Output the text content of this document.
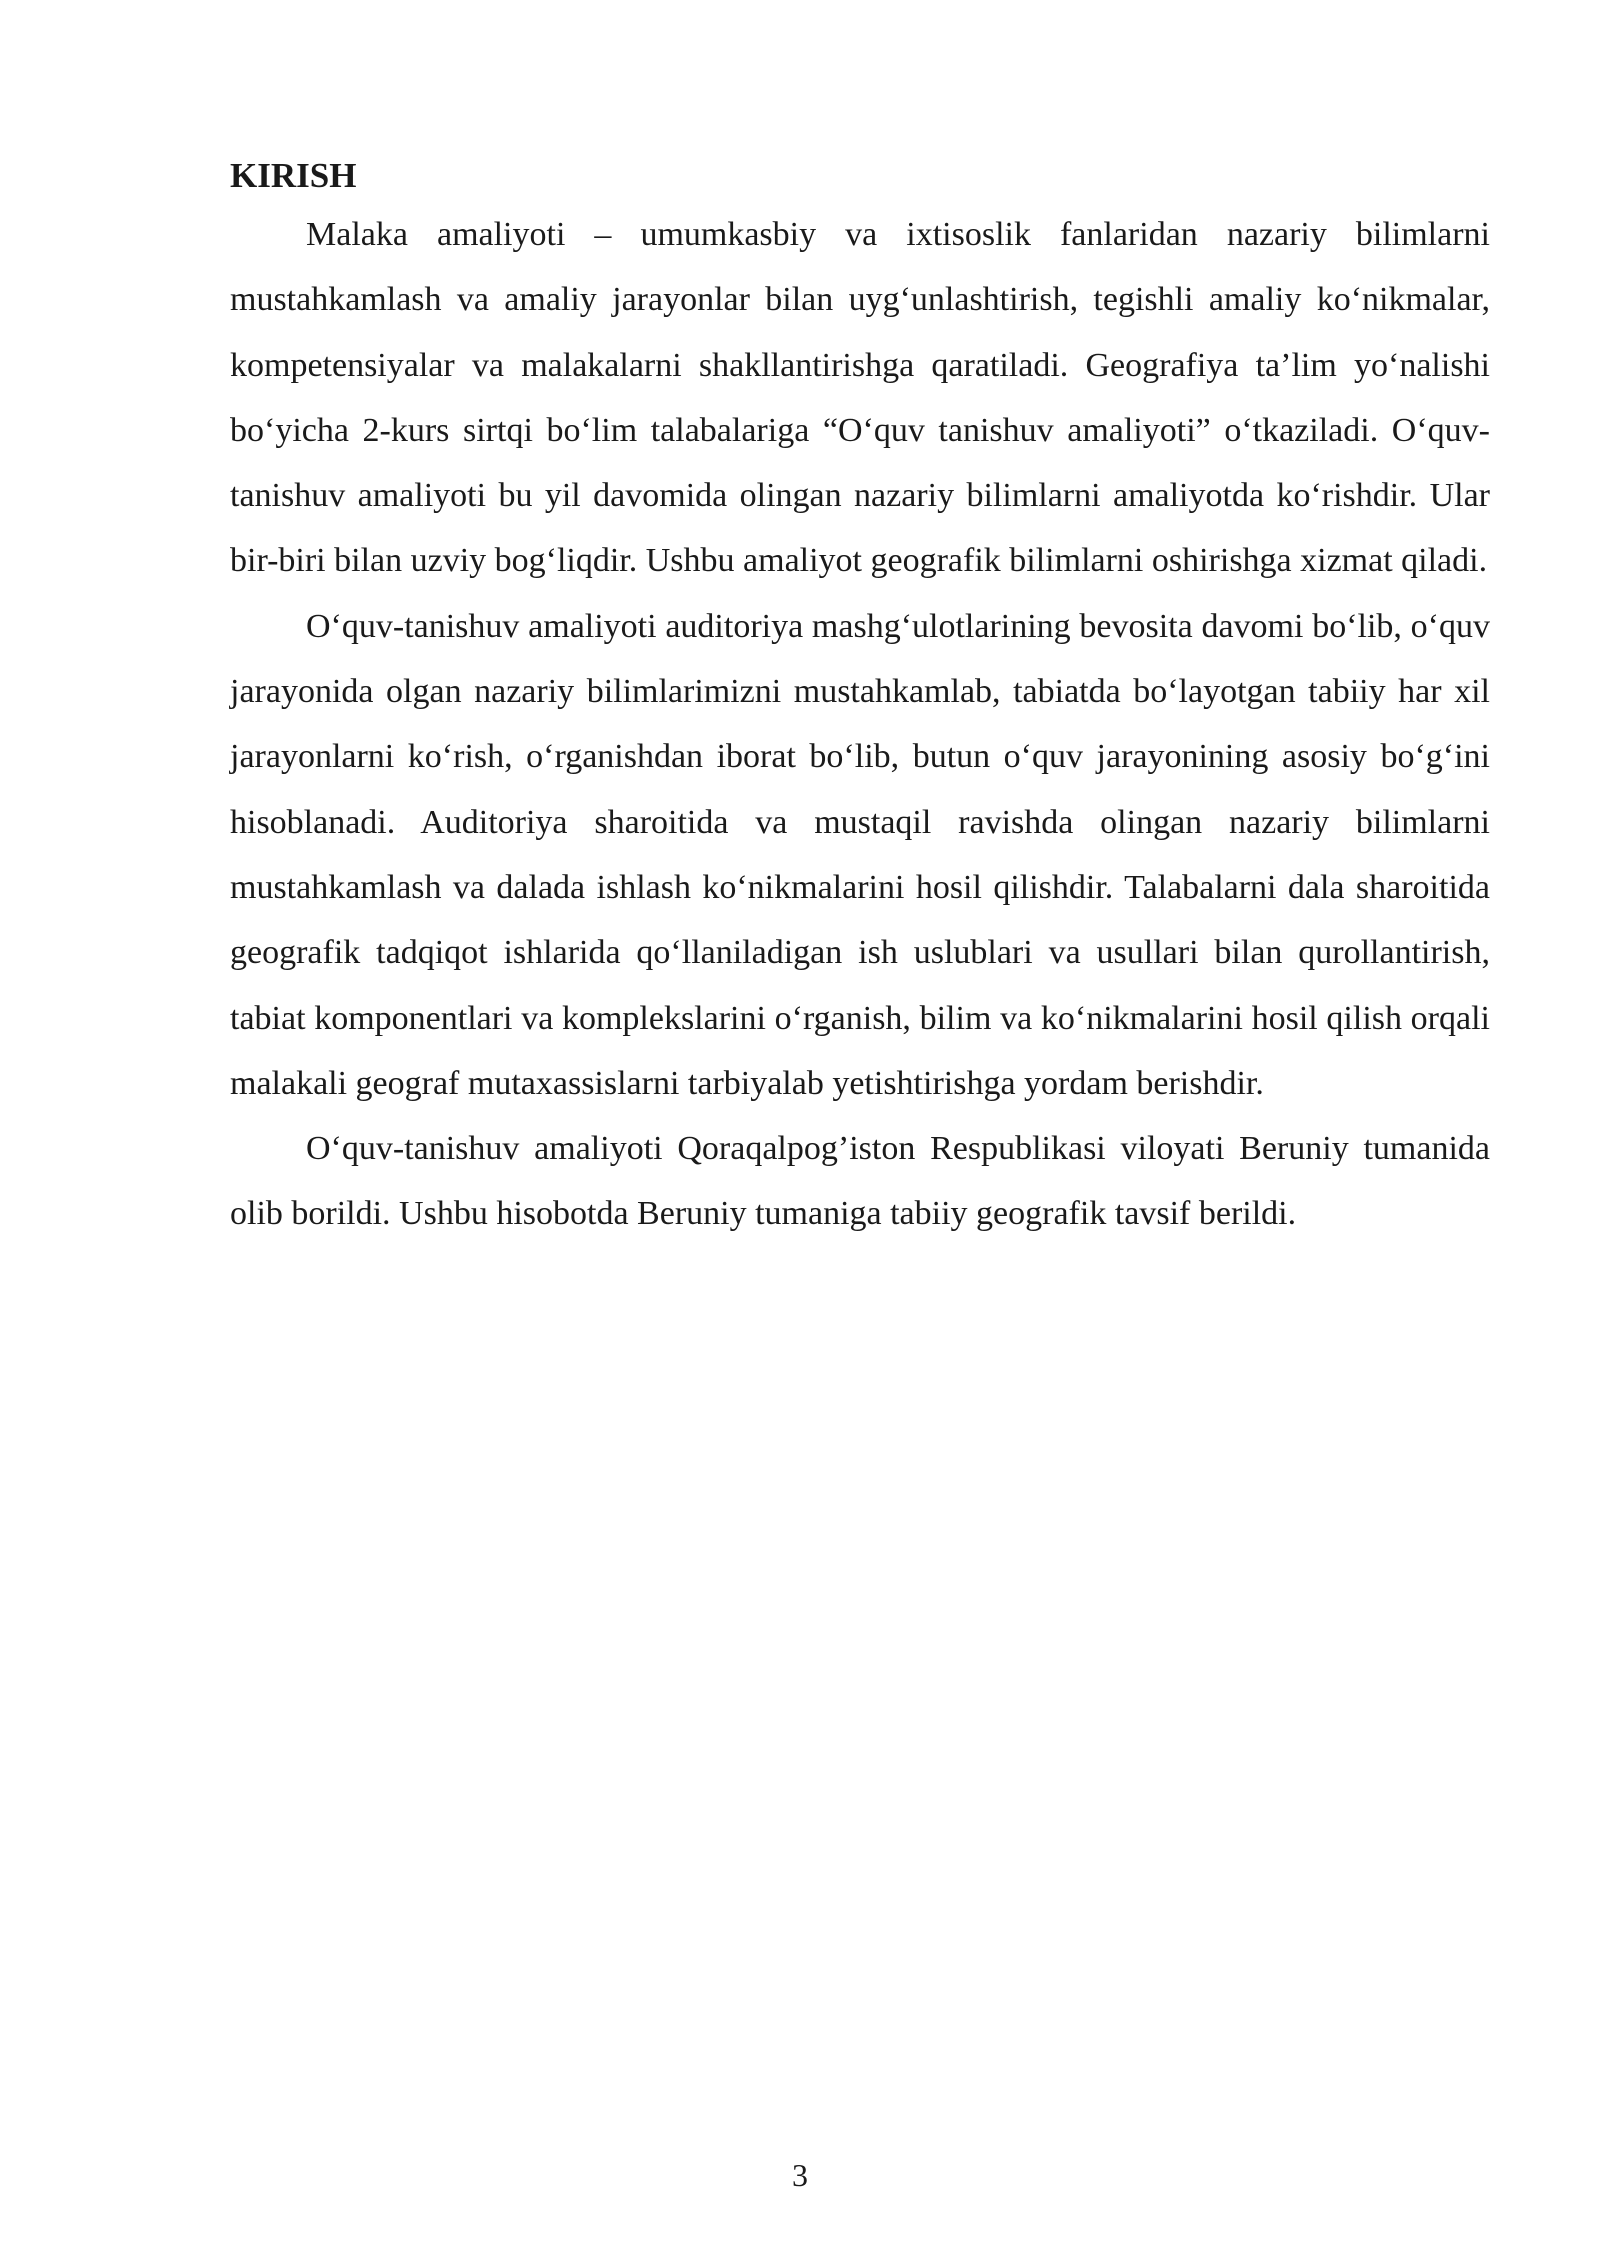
KIRISH

Malaka amaliyoti – umumkasbiy va ixtisoslik fanlaridan nazariy bilimlarni mustahkamlash va amaliy jarayonlar bilan uyg‘unlashtirish, tegishli amaliy ko‘nikmalar, kompetensiyalar va malakalarni shakllantirishga qaratiladi. Geografiya ta’lim yo‘nalishi bo‘yicha 2-kurs sirtqi bo‘lim talabalariga “O‘quv tanishuv amaliyoti” o‘tkaziladi. O‘quv-tanishuv amaliyoti bu yil davomida olingan nazariy bilimlarni amaliyotda ko‘rishdir. Ular bir-biri bilan uzviy bog‘liqdir. Ushbu amaliyot geografik bilimlarni oshirishga xizmat qiladi.

O‘quv-tanishuv amaliyoti auditoriya mashg‘ulotlarining bevosita davomi bo‘lib, o‘quv jarayonida olgan nazariy bilimlarimizni mustahkamlab, tabiatda bo‘layotgan tabiiy har xil jarayonlarni ko‘rish, o‘rganishdan iborat bo‘lib, butun o‘quv jarayonining asosiy bo‘g‘ini hisoblanadi. Auditoriya sharoitida va mustaqil ravishda olingan nazariy bilimlarni mustahkamlash va dalada ishlash ko‘nikmalarini hosil qilishdir. Talabalarni dala sharoitida geografik tadqiqot ishlarida qo‘llaniladigan ish uslublari va usullari bilan qurollantirish, tabiat komponentlari va komplekslarini o‘rganish, bilim va ko‘nikmalarini hosil qilish orqali malakali geograf mutaxassislarni tarbiyalab yetishtirishga yordam berishdir.

O‘quv-tanishuv amaliyoti Qoraqalpog’iston Respublikasi viloyati Beruniy tumanida olib borildi. Ushbu hisobotda Beruniy tumaniga tabiiy geografik tavsif berildi.

3
